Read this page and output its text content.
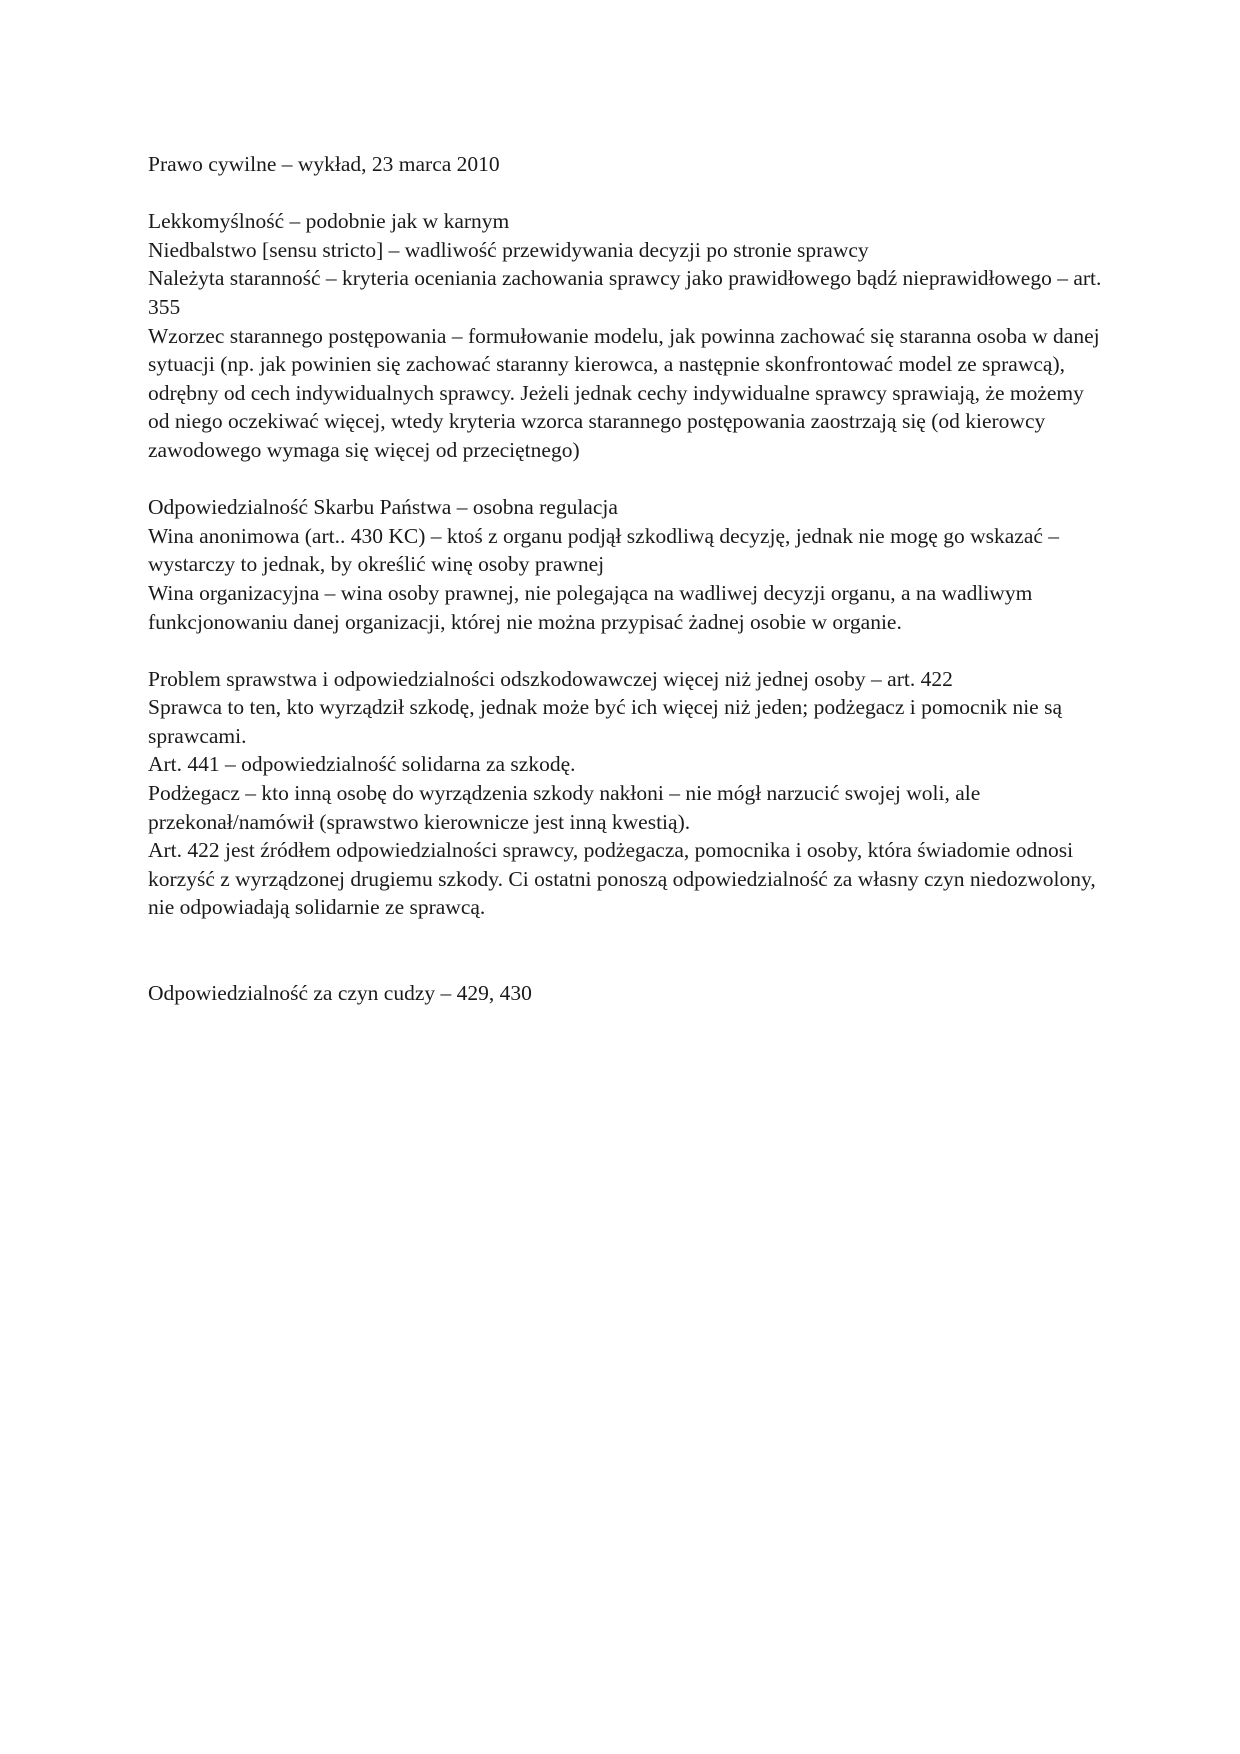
Prawo cywilne – wykład, 23 marca 2010

Lekkomyślność – podobnie jak w karnym

Niedbalstwo [sensu stricto] – wadliwość przewidywania decyzji po stronie sprawcy

Należyta staranność – kryteria oceniania zachowania sprawcy jako prawidłowego bądź nieprawidłowego – art. 355

Wzorzec starannego postępowania – formułowanie modelu, jak powinna zachować się staranna osoba w danej sytuacji (np. jak powinien się zachować staranny kierowca, a następnie skonfrontować model ze sprawcą), odrębny od cech indywidualnych sprawcy. Jeżeli jednak cechy indywidualne sprawcy sprawiają, że możemy od niego oczekiwać więcej, wtedy kryteria wzorca starannego postępowania zaostrzają się (od kierowcy zawodowego wymaga się więcej od przeciętnego)

Odpowiedzialność Skarbu Państwa – osobna regulacja

Wina anonimowa (art.. 430 KC) – ktoś z organu podjął szkodliwą decyzję, jednak nie mogę go wskazać – wystarczy to jednak, by określić winę osoby prawnej

Wina organizacyjna – wina osoby prawnej, nie polegająca na wadliwej decyzji organu, a na wadliwym funkcjonowaniu danej organizacji, której nie można przypisać żadnej osobie w organie.

Problem sprawstwa i odpowiedzialności odszkodowawczej więcej niż jednej osoby – art. 422

Sprawca to ten, kto wyrządził szkodę, jednak może być ich więcej niż jeden; podżegacz i pomocnik nie są sprawcami.

Art. 441 – odpowiedzialność solidarna za szkodę.

Podżegacz – kto inną osobę do wyrządzenia szkody nakłoni – nie mógł narzucić swojej woli, ale przekonał/namówił (sprawstwo kierownicze jest inną kwestią).

Art. 422 jest źródłem odpowiedzialności sprawcy, podżegacza, pomocnika i osoby, która świadomie odnosi korzyść z wyrządzonej drugiemu szkody. Ci ostatni ponoszą odpowiedzialność za własny czyn niedozwolony, nie odpowiadają solidarnie ze sprawcą.

Odpowiedzialność za czyn cudzy – 429, 430
